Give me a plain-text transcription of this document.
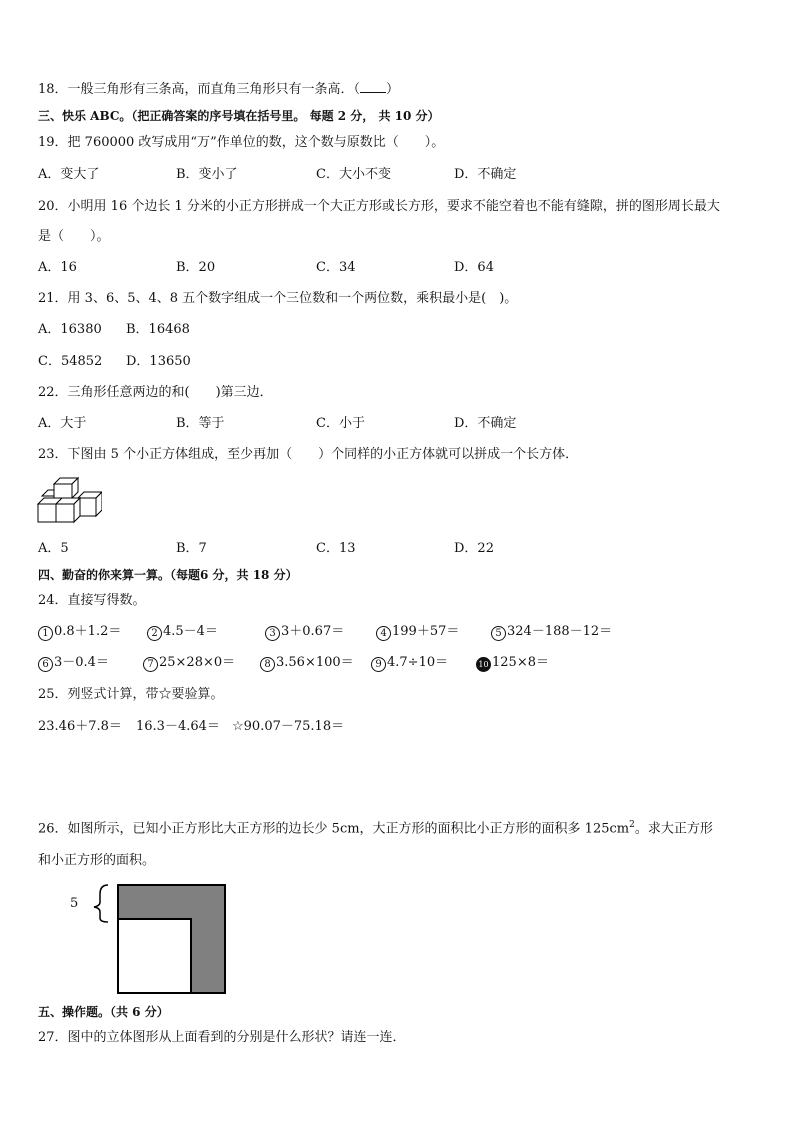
18．一般三角形有三条高，而直角三角形只有一条高．（ ）
三、快乐 ABC。（把正确答案的序号填在括号里。 每题 2 分， 共 10 分）
19．把 760000 改写成用“万”作单位的数，这个数与原数比（　　）。
A．变大了	B．变小了	C．大小不变	D．不确定
20．小明用 16 个边长 1 分米的小正方形拼成一个大正方形或长方形，要求不能空着也不能有缝隙，拼的图形周长最大
是（　　）。
A．16	B．20	C．34	D．64
21．用 3、6、5、4、8 五个数字组成一个三位数和一个两位数，乘积最小是(　)。
A．16380 B．16468
C．54852 D．13650
22．三角形任意两边的和(　　)第三边．
A．大于	B．等于	C．小于	D．不确定
23．下图由 5 个小正方体组成，至少再加（　　）个同样的小正方体就可以拼成一个长方体．
A．5	B．7	C．13	D．22
四、勤奋的你来算一算。（每题6 分，共 18 分）
24．直接写得数。
1 0.8＋1.2＝	2 4.5－4＝	3 3＋0.67＝	4 199＋57＝	5 324－188－12＝
6 3－0.4＝	7 25×28×0＝	8 3.56×100＝	9 4.7÷10＝	10 125×8＝
25．列竖式计算，带☆要验算。
23.46＋7.8＝ 16.3－4.64＝ ☆90.07－75.18＝
26．如图所示，已知小正方形比大正方形的边长少 5cm，大正方形的面积比小正方形的面积多 $125cm^2$。求大正方形
和小正方形的面积。
5
五、操作题。（共 6 分）
27．图中的立体图形从上面看到的分别是什么形状？请连一连．
